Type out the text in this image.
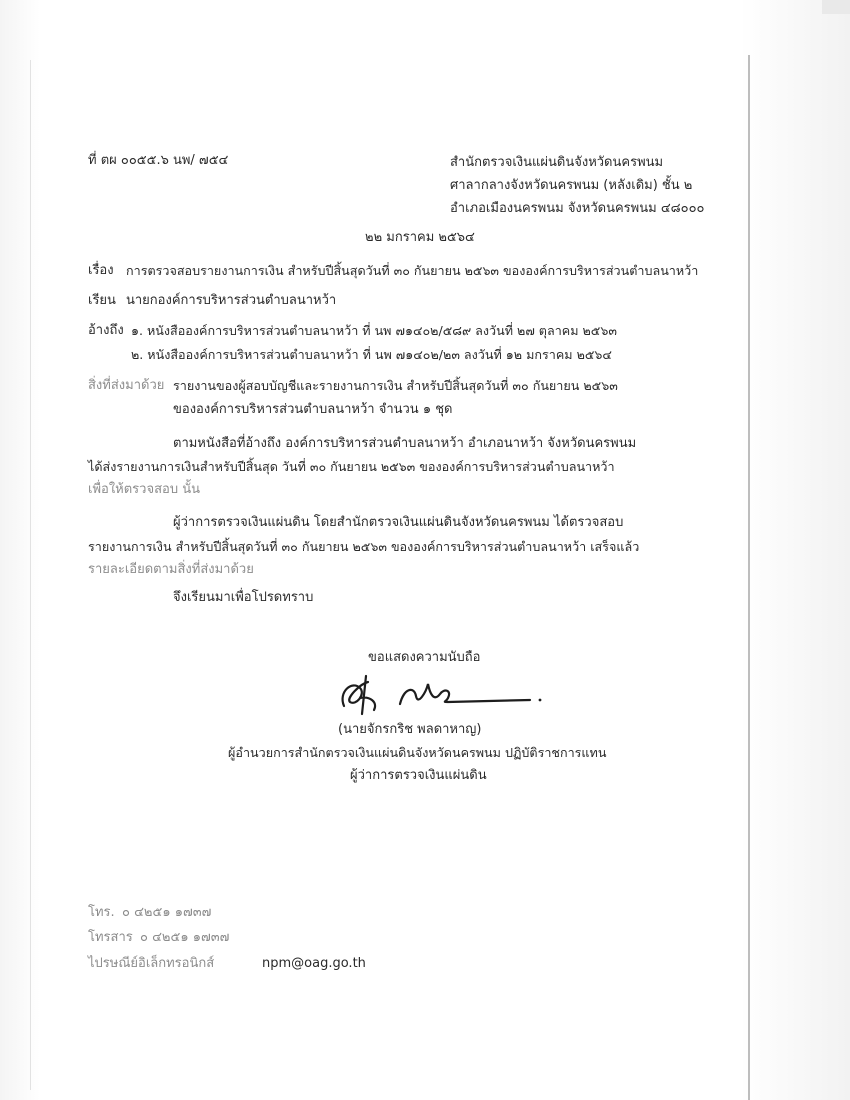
ที่ ตผ ๐๐๕๕.๖ นพ/ ๗๕๔	สำนักตรวจเงินแผ่นดินจังหวัดนครพนม
ศาลากลางจังหวัดนครพนม (หลังเดิม) ชั้น ๒
อำเภอเมืองนครพนม จังหวัดนครพนม ๔๘๐๐๐
๒๒ มกราคม ๒๕๖๔
เรื่อง การตรวจสอบรายงานการเงิน สำหรับปีสิ้นสุดวันที่ ๓๐ กันยายน ๒๕๖๓ ขององค์การบริหารส่วนตำบลนาหว้า
เรียน นายกองค์การบริหารส่วนตำบลนาหว้า
อ้างถึง ๑. หนังสือองค์การบริหารส่วนตำบลนาหว้า ที่ นพ ๗๑๔๐๒/๕๘๙ ลงวันที่ ๒๗ ตุลาคม ๒๕๖๓
๒. หนังสือองค์การบริหารส่วนตำบลนาหว้า ที่ นพ ๗๑๔๐๒/๒๓ ลงวันที่ ๑๒ มกราคม ๒๕๖๔
สิ่งที่ส่งมาด้วย รายงานของผู้สอบบัญชีและรายงานการเงิน สำหรับปีสิ้นสุดวันที่ ๓๐ กันยายน ๒๕๖๓
ขององค์การบริหารส่วนตำบลนาหว้า จำนวน ๑ ชุด
ตามหนังสือที่อ้างถึง องค์การบริหารส่วนตำบลนาหว้า อำเภอนาหว้า จังหวัดนครพนม
ได้ส่งรายงานการเงินสำหรับปีสิ้นสุด วันที่ ๓๐ กันยายน ๒๕๖๓ ขององค์การบริหารส่วนตำบลนาหว้า
เพื่อให้ตรวจสอบ นั้น
ผู้ว่าการตรวจเงินแผ่นดิน โดยสำนักตรวจเงินแผ่นดินจังหวัดนครพนม ได้ตรวจสอบ
รายงานการเงิน สำหรับปีสิ้นสุดวันที่ ๓๐ กันยายน ๒๕๖๓ ขององค์การบริหารส่วนตำบลนาหว้า เสร็จแล้ว
รายละเอียดตามสิ่งที่ส่งมาด้วย
จึงเรียนมาเพื่อโปรดทราบ
ขอแสดงความนับถือ
(นายจักรกริช พลดาหาญ)
ผู้อำนวยการสำนักตรวจเงินแผ่นดินจังหวัดนครพนม ปฏิบัติราชการแทน
ผู้ว่าการตรวจเงินแผ่นดิน
โทร. ๐ ๔๒๕๑ ๑๗๓๗
โทรสาร ๐ ๔๒๕๑ ๑๗๓๗
ไปรษณีย์อิเล็กทรอนิกส์	npm@oag.go.th
